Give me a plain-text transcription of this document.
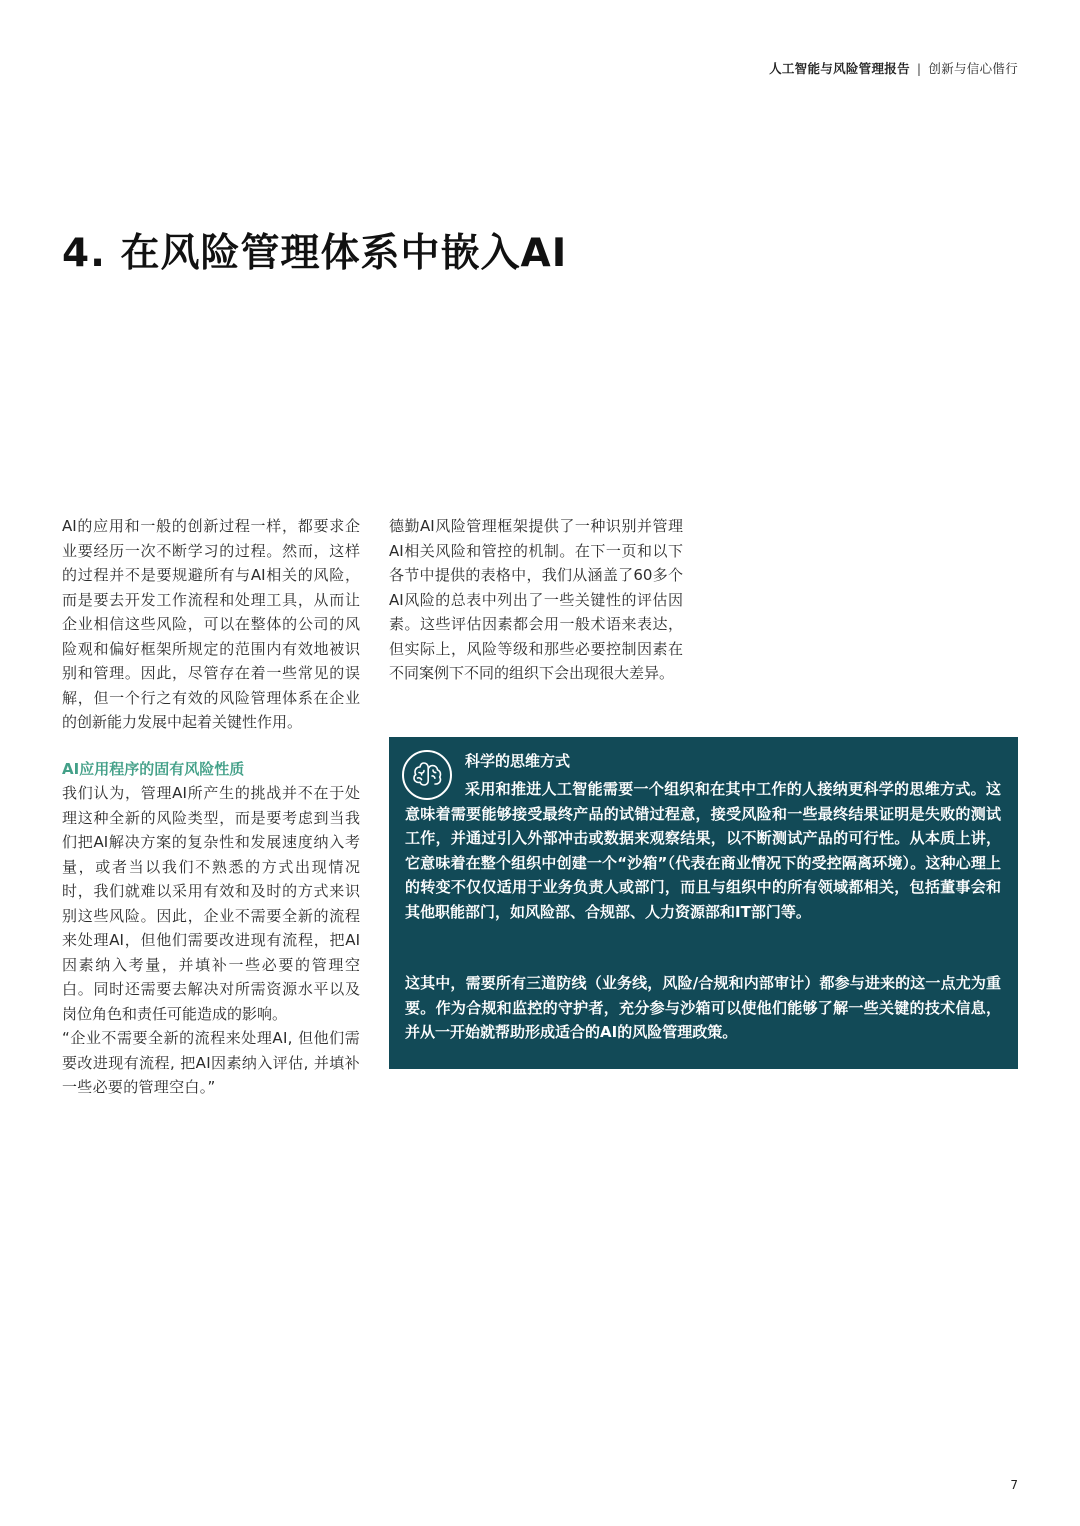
人工智能与风险管理报告 | 创新与信心偕行
4. 在风险管理体系中嵌入AI

AI的应用和一般的创新过程一样，都要求企业要经历一次不断学习的过程。然而，这样的过程并不是要规避所有与AI相关的风险，而是要去开发工作流程和处理工具，从而让企业相信这些风险，可以在整体的公司的风险观和偏好框架所规定的范围内有效地被识别和管理。因此，尽管存在着一些常见的误解，但一个行之有效的风险管理体系在企业的创新能力发展中起着关键性作用。

AI应用程序的固有风险性质

我们认为，管理AI所产生的挑战并不在于处理这种全新的风险类型，而是要考虑到当我们把AI解决方案的复杂性和发展速度纳入考量，或者当以我们不熟悉的方式出现情况时，我们就难以采用有效和及时的方式来识别这些风险。因此，企业不需要全新的流程来处理AI，但他们需要改进现有流程，把AI因素纳入考量，并填补一些必要的管理空白。同时还需要去解决对所需资源水平以及岗位角色和责任可能造成的影响。

“企业不需要全新的流程来处理AI, 但他们需要改进现有流程, 把AI因素纳入评估, 并填补一些必要的管理空白。”

德勤AI风险管理框架提供了一种识别并管理AI相关风险和管控的机制。在下一页和以下各节中提供的表格中，我们从涵盖了60多个AI风险的总表中列出了一些关键性的评估因素。这些评估因素都会用一般术语来表达，但实际上，风险等级和那些必要控制因素在不同案例下不同的组织下会出现很大差异。

科学的思维方式

采用和推进人工智能需要一个组织和在其中工作的人接纳更科学的思维方式。这意味着需要能够接受最终产品的试错过程意，接受风险和一些最终结果证明是失败的测试工作，并通过引入外部冲击或数据来观察结果，以不断测试产品的可行性。从本质上讲，它意味着在整个组织中创建一个“沙箱”（代表在商业情况下的受控隔离环境）。这种心理上的转变不仅仅适用于业务负责人或部门，而且与组织中的所有领域都相关，包括董事会和其他职能部门，如风险部、合规部、人力资源部和IT部门等。

这其中，需要所有三道防线（业务线，风险/合规和内部审计）都参与进来的这一点尤为重要。作为合规和监控的守护者，充分参与沙箱可以使他们能够了解一些关键的技术信息，并从一开始就帮助形成适合的AI的风险管理政策。

7
